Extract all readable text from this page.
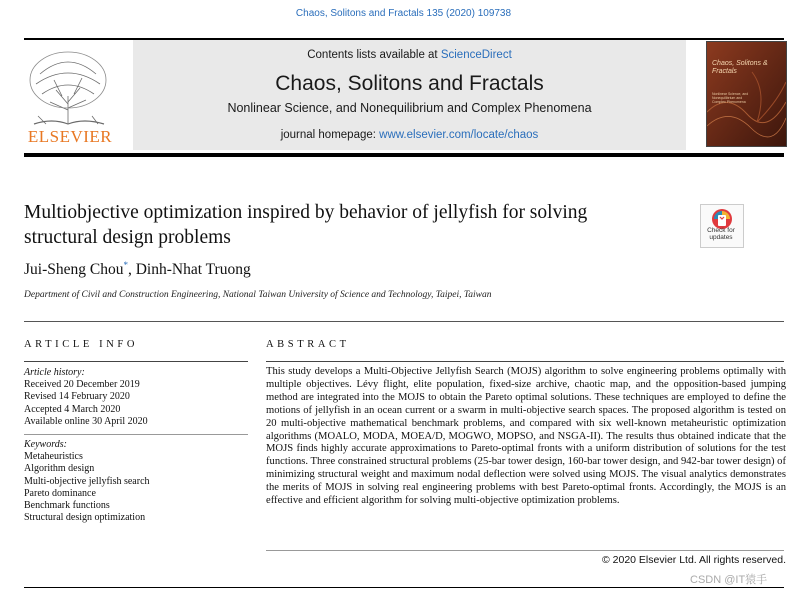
Chaos, Solitons and Fractals 135 (2020) 109738
ELSEVIER
Contents lists available at ScienceDirect
Chaos, Solitons and Fractals
Nonlinear Science, and Nonequilibrium and Complex Phenomena
journal homepage: www.elsevier.com/locate/chaos
Chaos, Solitons & Fractals
Nonlinear Science, and Nonequilibrium and Complex Phenomena
Multiobjective optimization inspired by behavior of jellyfish for solving structural design problems	Check for updates
Jui-Sheng Chou*, Dinh-Nhat Truong
Department of Civil and Construction Engineering, National Taiwan University of Science and Technology, Taipei, Taiwan
ARTICLE INFO	ABSTRACT
Article history:
Received 20 December 2019
Revised 14 February 2020
Accepted 4 March 2020
Available online 30 April 2020
Keywords:
Metaheuristics
Algorithm design
Multi-objective jellyfish search
Pareto dominance
Benchmark functions
Structural design optimization
This study develops a Multi-Objective Jellyfish Search (MOJS) algorithm to solve engineering problems optimally with multiple objectives. Lévy flight, elite population, fixed-size archive, chaotic map, and the opposition-based jumping method are integrated into the MOJS to obtain the Pareto optimal solutions. These techniques are employed to define the motions of jellyfish in an ocean current or a swarm in multi-objective search spaces. The proposed algorithm is tested on 20 multi-objective mathematical benchmark problems, and compared with six well-known metaheuristic optimization algorithms (MOALO, MODA, MOEA/D, MOGWO, MOPSO, and NSGA-II). The results thus obtained indicate that the MOJS finds highly accurate approximations to Pareto-optimal fronts with a uniform distribution of solutions for the test functions. Three constrained structural problems (25-bar tower design, 160-bar tower design, and 942-bar tower design) of minimizing structural weight and maximum nodal deflection were solved using MOJS. The visual analytics demonstrates the merits of MOJS in solving real engineering problems with best Pareto-optimal fronts. Accordingly, the MOJS is an effective and efficient algorithm for solving multi-objective optimization problems.
© 2020 Elsevier Ltd. All rights reserved.
CSDN @IT猿手
